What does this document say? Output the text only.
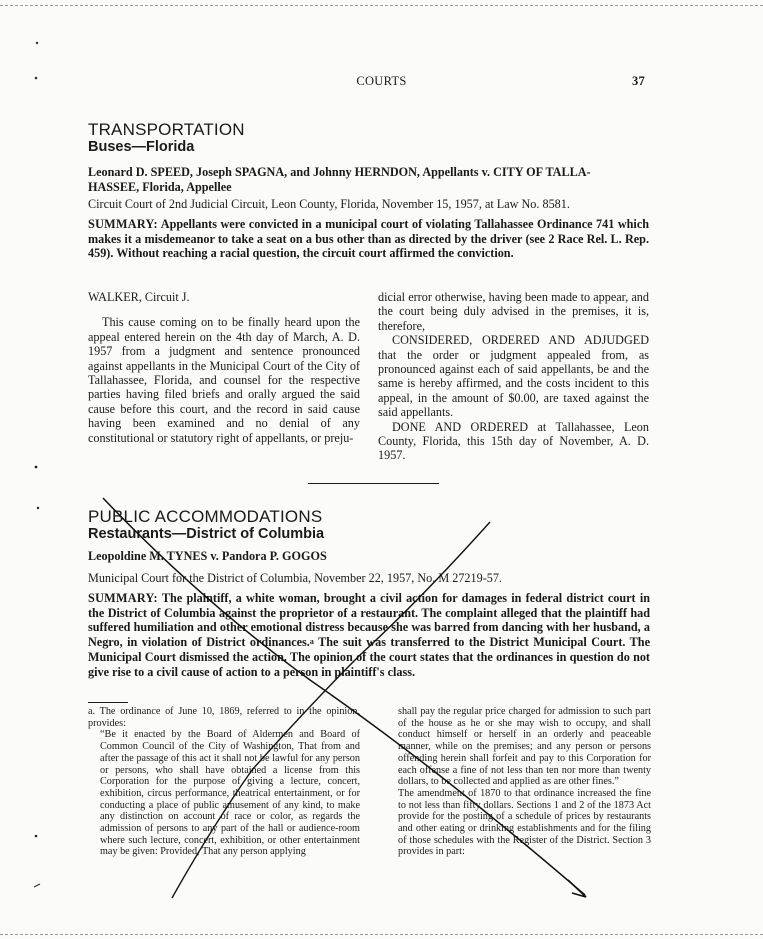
COURTS	37
TRANSPORTATION
Buses—Florida
Leonard D. SPEED, Joseph SPAGNA, and Johnny HERNDON, Appellants v. CITY OF TALLA-
HASSEE, Florida, Appellee
Circuit Court of 2nd Judicial Circuit, Leon County, Florida, November 15, 1957, at Law No. 8581.
SUMMARY: Appellants were convicted in a municipal court of violating Tallahassee Ordinance 741 which makes it a misdemeanor to take a seat on a bus other than as directed by the driver (see 2 Race Rel. L. Rep. 459). Without reaching a racial question, the circuit court affirmed the conviction.

WALKER, Circuit J.

This cause coming on to be finally heard upon the appeal entered herein on the 4th day of March, A. D. 1957 from a judgment and sentence pronounced against appellants in the Municipal Court of the City of Tallahassee, Florida, and counsel for the respective parties having filed briefs and orally argued the said cause before this court, and the record in said cause having been examined and no denial of any constitutional or statutory right of appellants, or preju-

dicial error otherwise, having been made to appear, and the court being duly advised in the premises, it is, therefore,

CONSIDERED, ORDERED AND ADJUDGED that the order or judgment appealed from, as pronounced against each of said appellants, be and the same is hereby affirmed, and the costs incident to this appeal, in the amount of $0.00, are taxed against the said appellants.

DONE AND ORDERED at Tallahassee, Leon County, Florida, this 15th day of November, A. D. 1957.

PUBLIC ACCOMMODATIONS
Restaurants—District of Columbia
Leopoldine M. TYNES v. Pandora P. GOGOS
Municipal Court for the District of Columbia, November 22, 1957, No. M 27219-57.
SUMMARY: The plaintiff, a white woman, brought a civil action for damages in federal district court in the District of Columbia against the proprietor of a restaurant. The complaint alleged that the plaintiff had suffered humiliation and other emotional distress because she was barred from dancing with her husband, a Negro, in violation of District ordinances.$^a$ The suit was transferred to the District Municipal Court. The Municipal Court dismissed the action. The opinion of the court states that the ordinances in question do not give rise to a civil cause of action to a person in plaintiff's class.

a. The ordinance of June 10, 1869, referred to in the opinion, provides:

“Be it enacted by the Board of Aldermen and Board of Common Council of the City of Washington, That from and after the passage of this act it shall not be lawful for any person or persons, who shall have obtained a license from this Corporation for the purpose of giving a lecture, concert, exhibition, circus performance, theatrical entertainment, or for conducting a place of public amusement of any kind, to make any distinction on account of race or color, as regards the admission of persons to any part of the hall or audience-room where such lecture, concert, exhibition, or other entertainment may be given: Provided, That any person applying

shall pay the regular price charged for admission to such part of the house as he or she may wish to occupy, and shall conduct himself or herself in an orderly and peaceable manner, while on the premises; and any person or persons offending herein shall forfeit and pay to this Corporation for each offense a fine of not less than ten nor more than twenty dollars, to be collected and applied as are other fines.”

The amendment of 1870 to that ordinance increased the fine to not less than fifty dollars. Sections 1 and 2 of the 1873 Act provide for the posting of a schedule of prices by restaurants and other eating or drinking establishments and for the filing of those schedules with the Register of the District. Section 3 provides in part:
